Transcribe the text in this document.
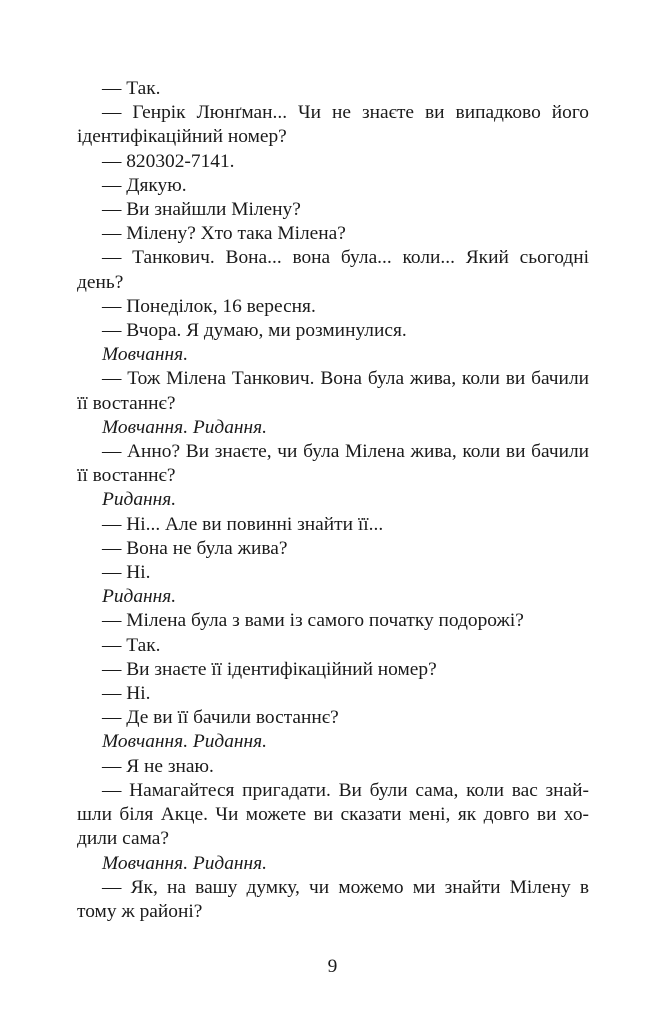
— Так.

— Генрік Люнґман... Чи не знаєте ви випадково його

ідентифікаційний номер?

— 820302-7141.

— Дякую.

— Ви знайшли Мілену?

— Мілену? Хто така Мілена?

— Танкович. Вона... вона була... коли... Який сьогодні

день?

— Понеділок, 16 вересня.

— Вчора. Я думаю, ми розминулися.

Мовчання.

— Тож Мілена Танкович. Вона була жива, коли ви бачили

її востаннє?

Мовчання. Ридання.

— Анно? Ви знаєте, чи була Мілена жива, коли ви бачили

її востаннє?

Ридання.

— Ні... Але ви повинні знайти її...

— Вона не була жива?

— Ні.

Ридання.

— Мілена була з вами із самого початку подорожі?

— Так.

— Ви знаєте її ідентифікаційний номер?

— Ні.

— Де ви її бачили востаннє?

Мовчання. Ридання.

— Я не знаю.

— Намагайтеся пригадати. Ви були сама, коли вас знай-

шли біля Акце. Чи можете ви сказати мені, як довго ви хо-

дили сама?

Мовчання. Ридання.

— Як, на вашу думку, чи можемо ми знайти Мілену в

тому ж районі?

9
